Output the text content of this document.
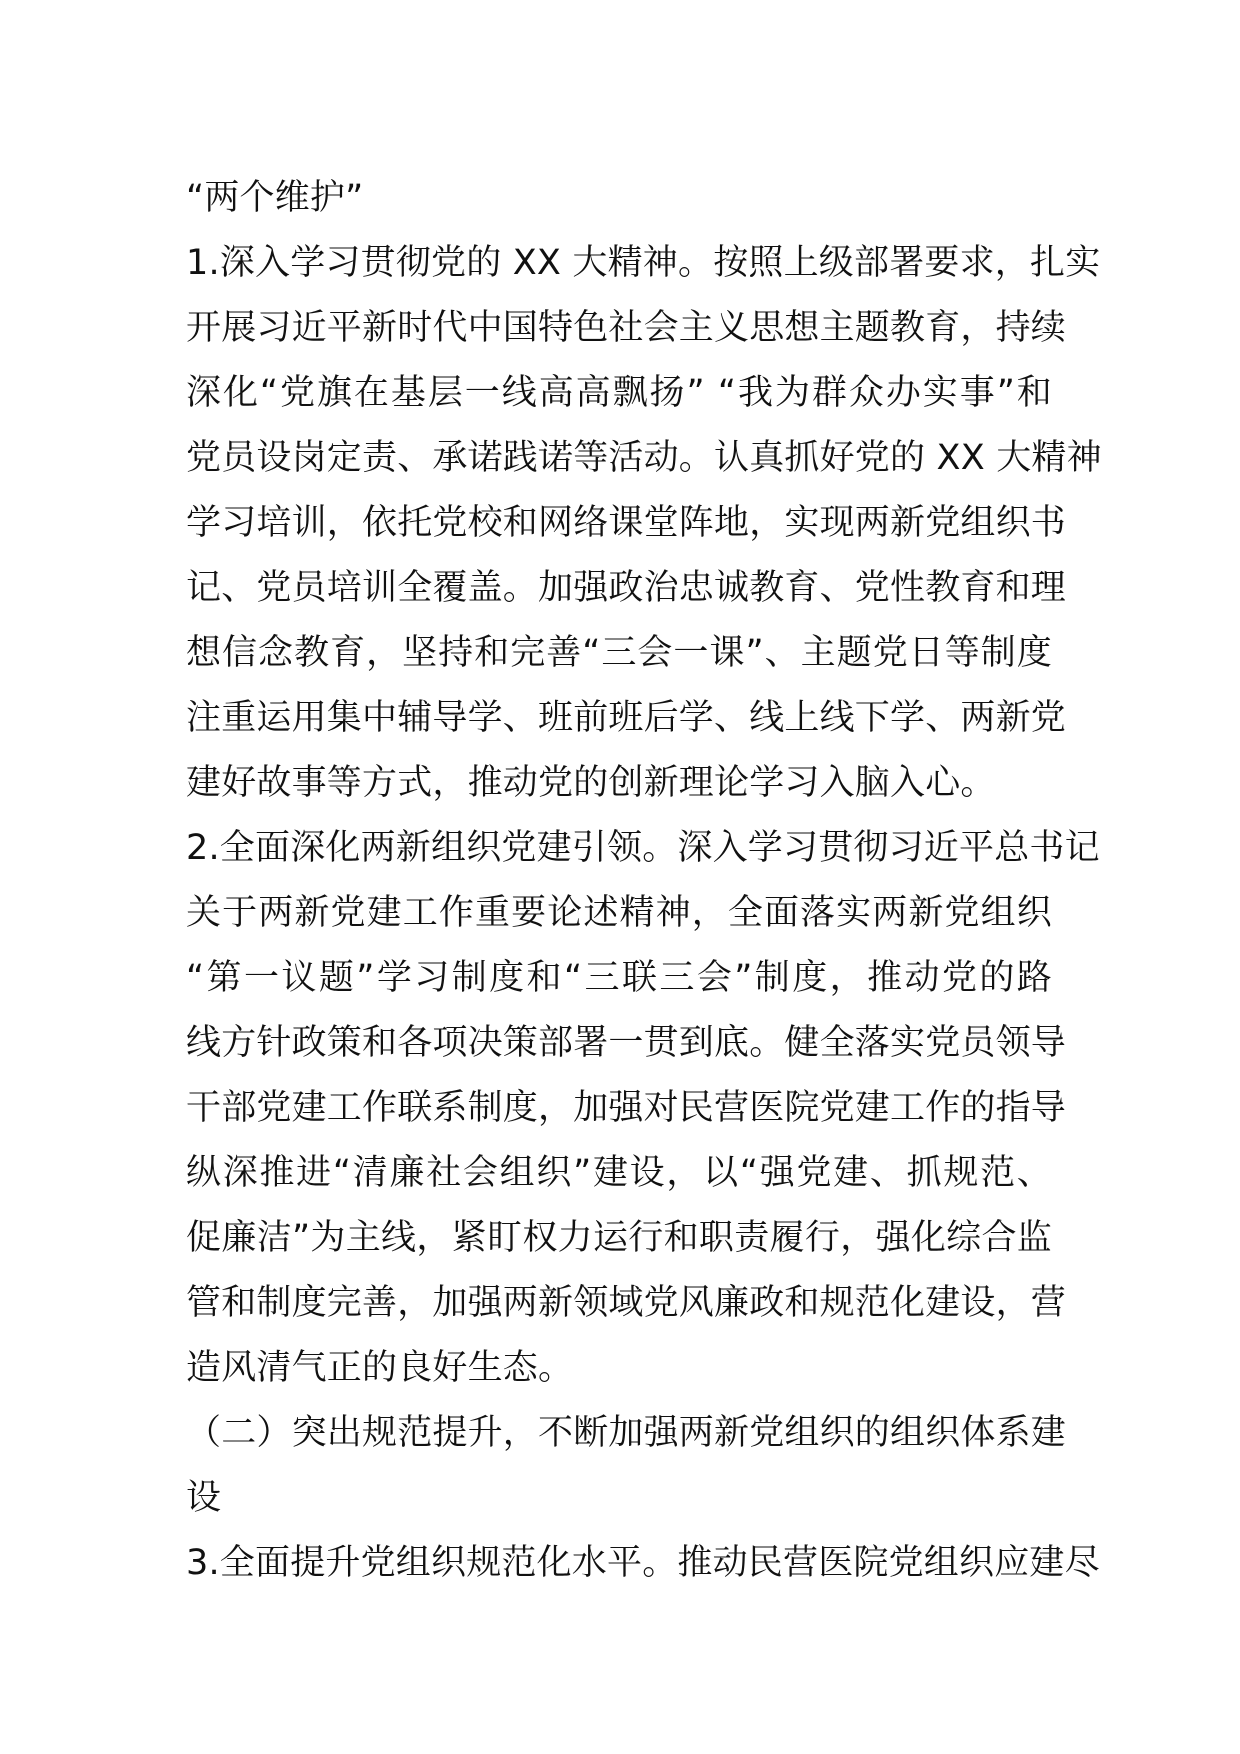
“两个维护”
1.深入学习贯彻党的 XX 大精神。按照上级部署要求，扎实
开展习近平新时代中国特色社会主义思想主题教育，持续
深化“党旗在基层一线高高飘扬” “我为群众办实事”和
党员设岗定责、承诺践诺等活动。认真抓好党的 XX 大精神
学习培训，依托党校和网络课堂阵地，实现两新党组织书
记、党员培训全覆盖。加强政治忠诚教育、党性教育和理
想信念教育，坚持和完善“三会一课”、主题党日等制度
注重运用集中辅导学、班前班后学、线上线下学、两新党
建好故事等方式，推动党的创新理论学习入脑入心。
2.全面深化两新组织党建引领。深入学习贯彻习近平总书记
关于两新党建工作重要论述精神，全面落实两新党组织
“第一议题”学习制度和“三联三会”制度，推动党的路
线方针政策和各项决策部署一贯到底。健全落实党员领导
干部党建工作联系制度，加强对民营医院党建工作的指导
纵深推进“清廉社会组织”建设，以“强党建、抓规范、
促廉洁”为主线，紧盯权力运行和职责履行，强化综合监
管和制度完善，加强两新领域党风廉政和规范化建设，营
造风清气正的良好生态。
（二）突出规范提升，不断加强两新党组织的组织体系建
设
3.全面提升党组织规范化水平。推动民营医院党组织应建尽
